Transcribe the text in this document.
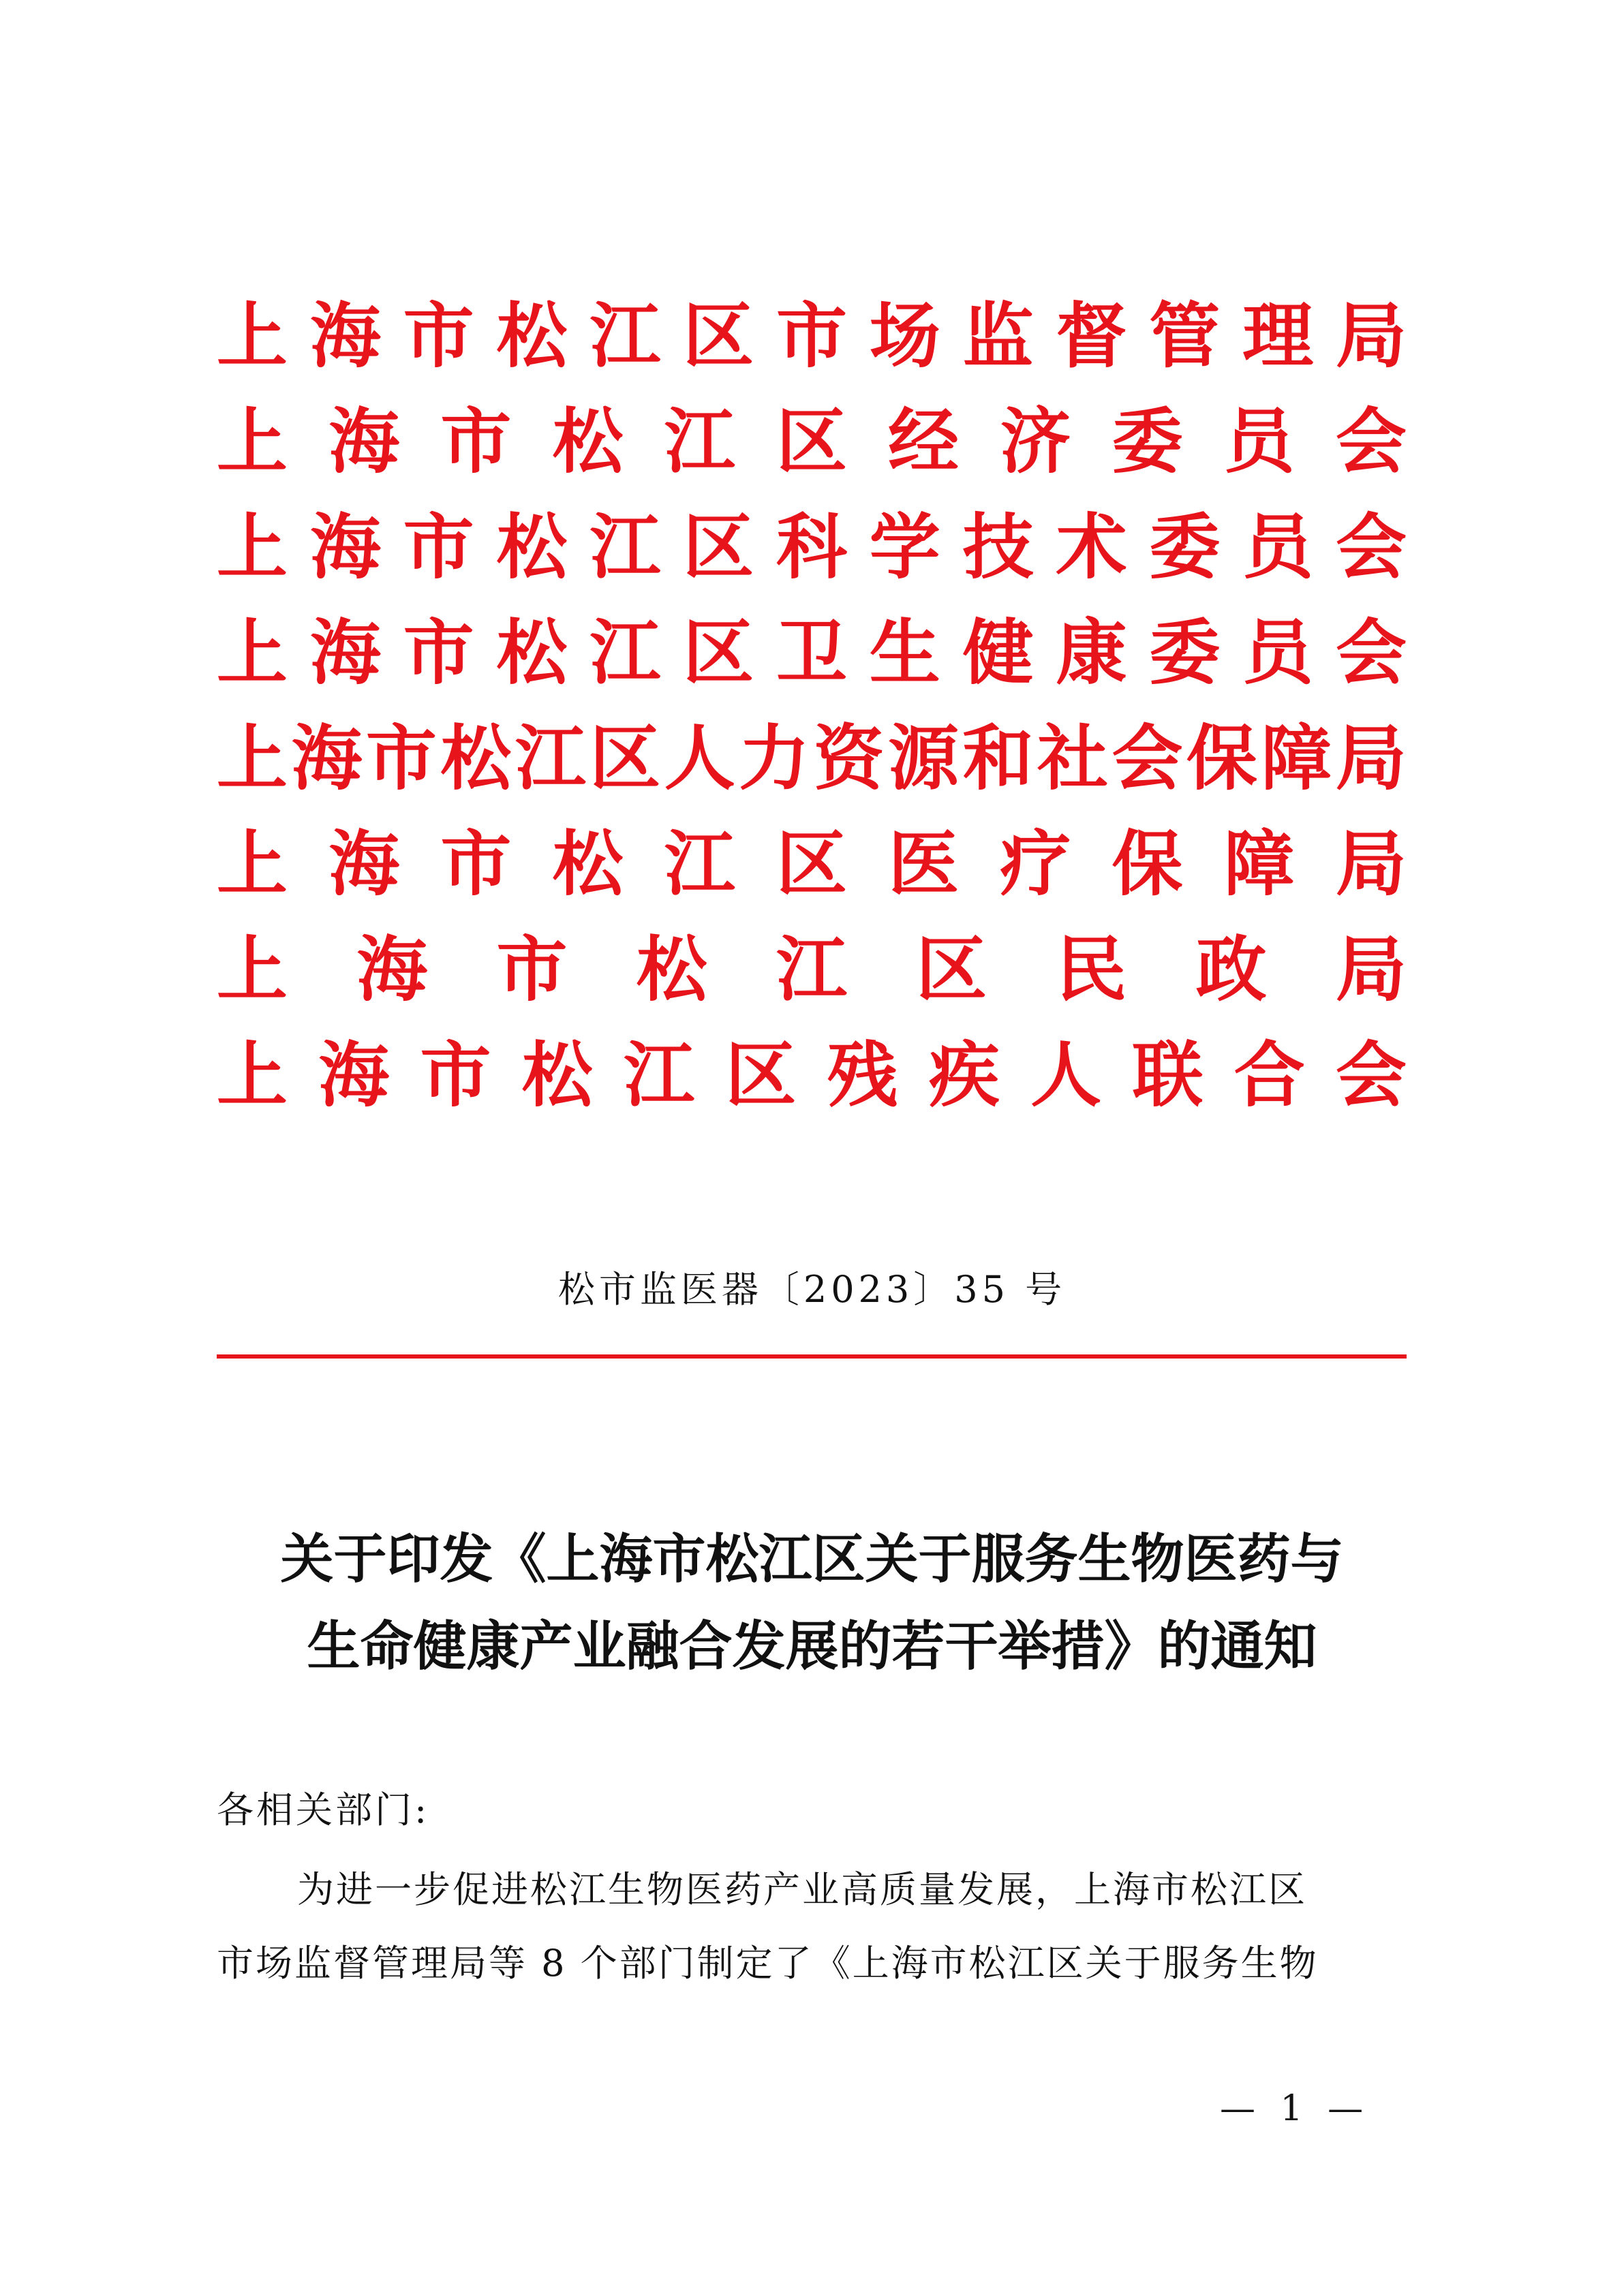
上 海 市 松 江 区 市 场 监 督 管 理 局
上 海 市 松 江 区 经 济 委 员 会
上 海 市 松 江 区 科 学 技 术 委 员 会
上 海 市 松 江 区 卫 生 健 康 委 员 会
上 海 市 松 江 区 人 力 资 源 和 社 会 保 障 局
上 海 市 松 江 区 医 疗 保 障 局
上 海 市 松 江 区 民 政 局
上 海 市 松 江 区 残 疾 人 联 合 会
松市监医器〔2023〕35 号
关于印发《上海市松江区关于服务生物医药与
生命健康产业融合发展的若干举措》的通知
各相关部门:
为进一步促进松江生物医药产业高质量发展，上海市松江区
市场监督管理局等 8 个部门制定了《上海市松江区关于服务生物
— 1 —
